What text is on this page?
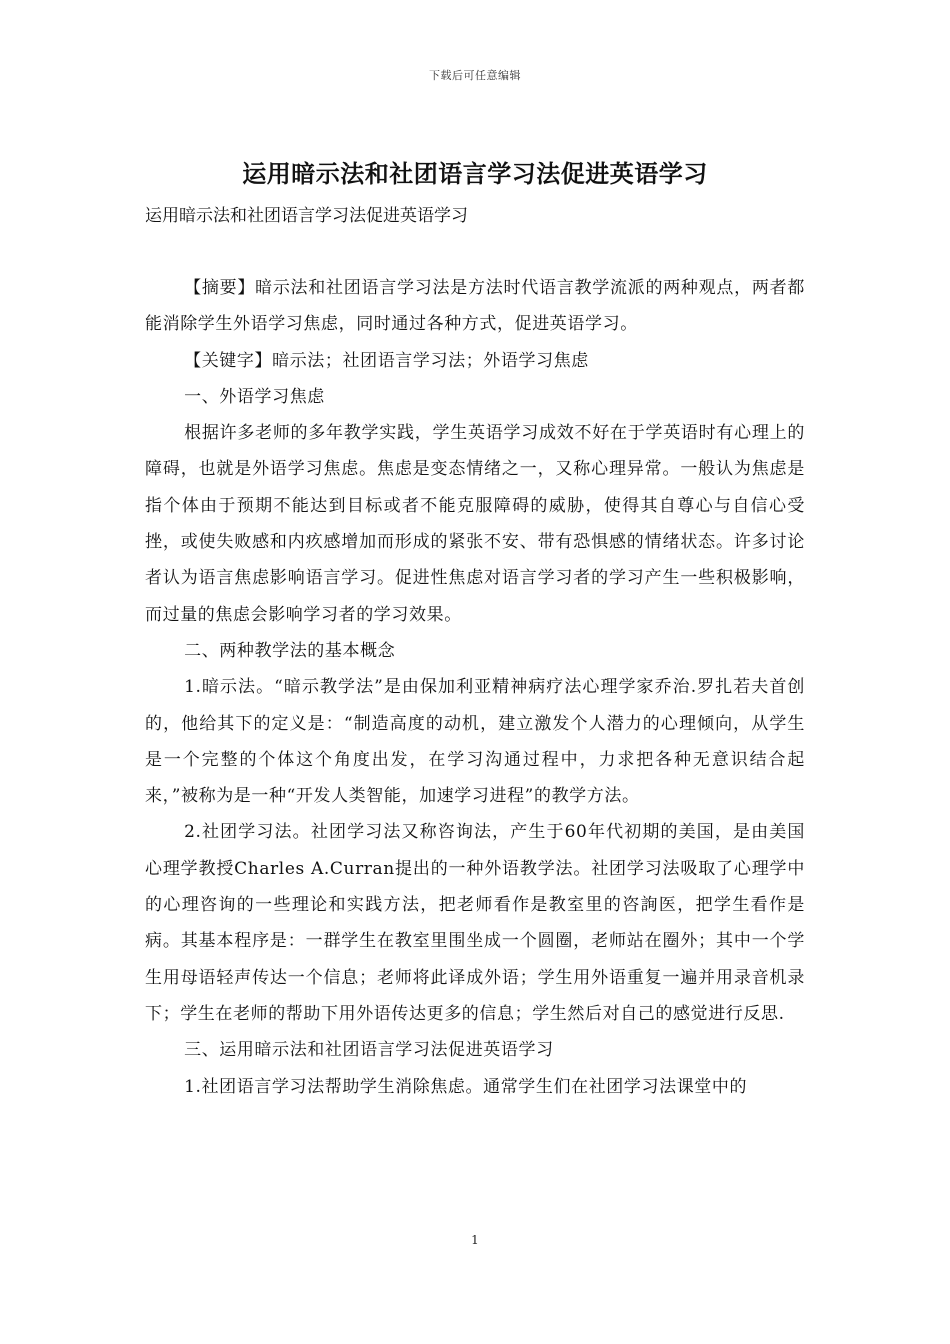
下载后可任意编辑
运用暗示法和社团语言学习法促进英语学习
运用暗示法和社团语言学习法促进英语学习

【摘要】暗示法和社团语言学习法是方法时代语言教学流派的两种观点，两者都能消除学生外语学习焦虑，同时通过各种方式，促进英语学习。

【关键字】暗示法；社团语言学习法；外语学习焦虑

一、外语学习焦虑

根据许多老师的多年教学实践，学生英语学习成效不好在于学英语时有心理上的障碍，也就是外语学习焦虑。焦虑是变态情绪之一，又称心理异常。一般认为焦虑是指个体由于预期不能达到目标或者不能克服障碍的威胁，使得其自尊心与自信心受挫，或使失败感和内疚感增加而形成的紧张不安、带有恐惧感的情绪状态。许多讨论者认为语言焦虑影响语言学习。促进性焦虑对语言学习者的学习产生一些积极影响，而过量的焦虑会影响学习者的学习效果。

二、两种教学法的基本概念

1.暗示法。“暗示教学法”是由保加利亚精神病疗法心理学家乔治.罗扎若夫首创的，他给其下的定义是：“制造高度的动机，建立激发个人潜力的心理倾向，从学生是一个完整的个体这个角度出发，在学习沟通过程中，力求把各种无意识结合起来，”被称为是一种“开发人类智能，加速学习进程”的教学方法。

2.社团学习法。社团学习法又称咨询法，产生于60年代初期的美国，是由美国心理学教授Charles A.Curran提出的一种外语教学法。社团学习法吸取了心理学中的心理咨询的一些理论和实践方法，把老师看作是教室里的咨詢医，把学生看作是病。其基本程序是：一群学生在教室里围坐成一个圆圈，老师站在圈外；其中一个学生用母语轻声传达一个信息；老师将此译成外语；学生用外语重复一遍并用录音机录下；学生在老师的帮助下用外语传达更多的信息；学生然后对自己的感觉进行反思.

三、运用暗示法和社团语言学习法促进英语学习

1.社团语言学习法帮助学生消除焦虑。通常学生们在社团学习法课堂中的

1
